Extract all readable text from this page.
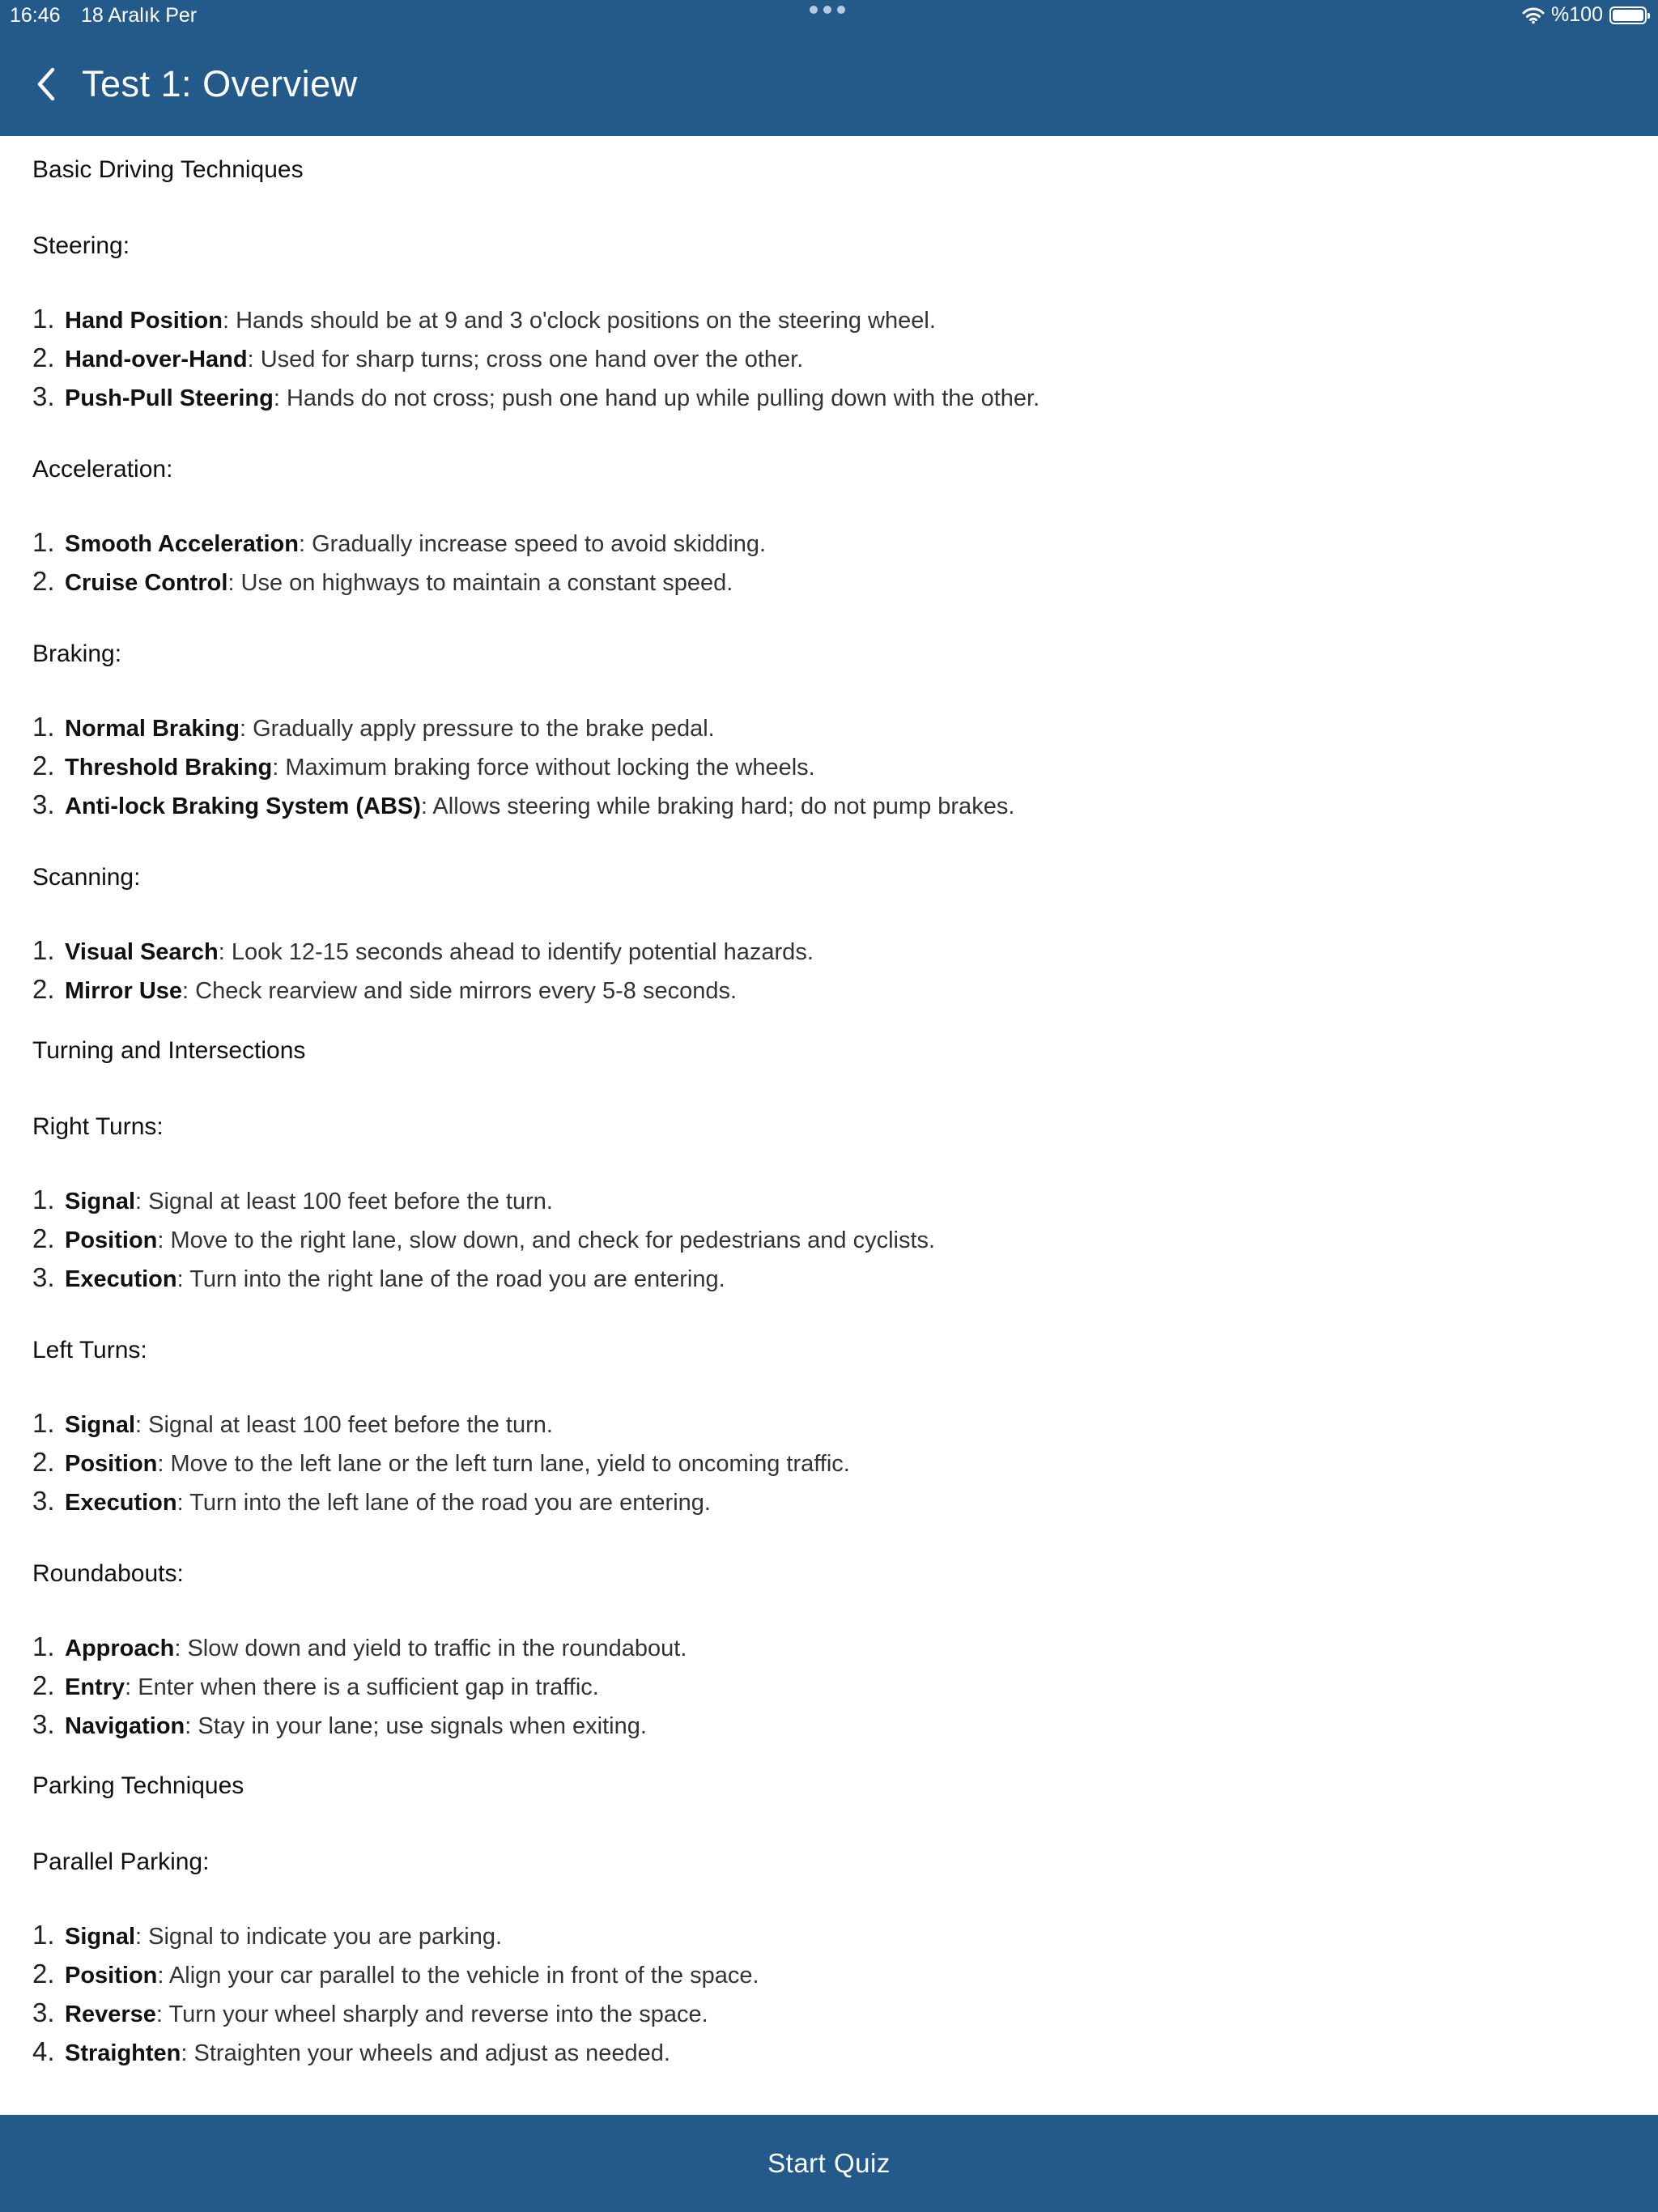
16:46 18 Aralık Per	%100
Test 1: Overview
Basic Driving Techniques
Steering:
1. Hand Position: Hands should be at 9 and 3 o'clock positions on the steering wheel.
2. Hand-over-Hand: Used for sharp turns; cross one hand over the other.
3. Push-Pull Steering: Hands do not cross; push one hand up while pulling down with the other.
Acceleration:
1. Smooth Acceleration: Gradually increase speed to avoid skidding.
2. Cruise Control: Use on highways to maintain a constant speed.
Braking:
1. Normal Braking: Gradually apply pressure to the brake pedal.
2. Threshold Braking: Maximum braking force without locking the wheels.
3. Anti-lock Braking System (ABS): Allows steering while braking hard; do not pump brakes.
Scanning:
1. Visual Search: Look 12-15 seconds ahead to identify potential hazards.
2. Mirror Use: Check rearview and side mirrors every 5-8 seconds.
Turning and Intersections
Right Turns:
1. Signal: Signal at least 100 feet before the turn.
2. Position: Move to the right lane, slow down, and check for pedestrians and cyclists.
3. Execution: Turn into the right lane of the road you are entering.
Left Turns:
1. Signal: Signal at least 100 feet before the turn.
2. Position: Move to the left lane or the left turn lane, yield to oncoming traffic.
3. Execution: Turn into the left lane of the road you are entering.
Roundabouts:
1. Approach: Slow down and yield to traffic in the roundabout.
2. Entry: Enter when there is a sufficient gap in traffic.
3. Navigation: Stay in your lane; use signals when exiting.
Parking Techniques
Parallel Parking:
1. Signal: Signal to indicate you are parking.
2. Position: Align your car parallel to the vehicle in front of the space.
3. Reverse: Turn your wheel sharply and reverse into the space.
4. Straighten: Straighten your wheels and adjust as needed.
Start Quiz
